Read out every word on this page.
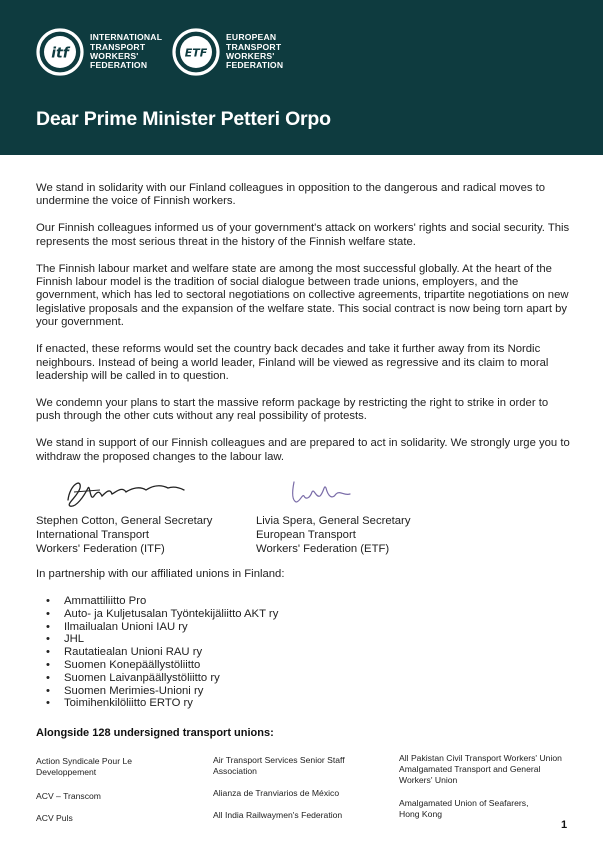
itf
INTERNATIONAL
TRANSPORT
WORKERS'
FEDERATION
ETF
EUROPEAN
TRANSPORT
WORKERS'
FEDERATION
Dear Prime Minister Petteri Orpo

We stand in solidarity with our Finland colleagues in opposition to the dangerous and radical moves to undermine the voice of Finnish workers.

Our Finnish colleagues informed us of your government's attack on workers' rights and social security. This represents the most serious threat in the history of the Finnish welfare state.

The Finnish labour market and welfare state are among the most successful globally. At the heart of the Finnish labour model is the tradition of social dialogue between trade unions, employers, and the government, which has led to sectoral negotiations on collective agreements, tripartite negotiations on new legislative proposals and the expansion of the welfare state. This social contract is now being torn apart by your government.

If enacted, these reforms would set the country back decades and take it further away from its Nordic neighbours. Instead of being a world leader, Finland will be viewed as regressive and its claim to moral leadership will be called in to question.

We condemn your plans to start the massive reform package by restricting the right to strike in order to push through the other cuts without any real possibility of protests.

We stand in support of our Finnish colleagues and are prepared to act in solidarity. We strongly urge you to withdraw the proposed changes to the labour law.

Stephen Cotton, General Secretary
International Transport
Workers' Federation (ITF)
Livia Spera, General Secretary
European Transport
Workers' Federation (ETF)
In partnership with our affiliated unions in Finland:
•	Ammattiliitto Pro
•	Auto- ja Kuljetusalan Työntekijäliitto AKT ry
•	Ilmailualan Unioni IAU ry
•	JHL
•	Rautatiealan Unioni RAU ry
•	Suomen Konepäällystöliitto
•	Suomen Laivanpäällystöliitto ry
•	Suomen Merimies-Unioni ry
•	Toimihenkilöliitto ERTO ry
Alongside 128 undersigned transport unions:
Action Syndicale Pour Le
Developpement
ACV – Transcom
ACV Puls
Air Transport Services Senior Staff
Association
Alianza de Tranviarios de México
All India Railwaymen's Federation
All Pakistan Civil Transport Workers' Union
Amalgamated Transport and General
Workers' Union
Amalgamated Union of Seafarers,
Hong Kong
1
